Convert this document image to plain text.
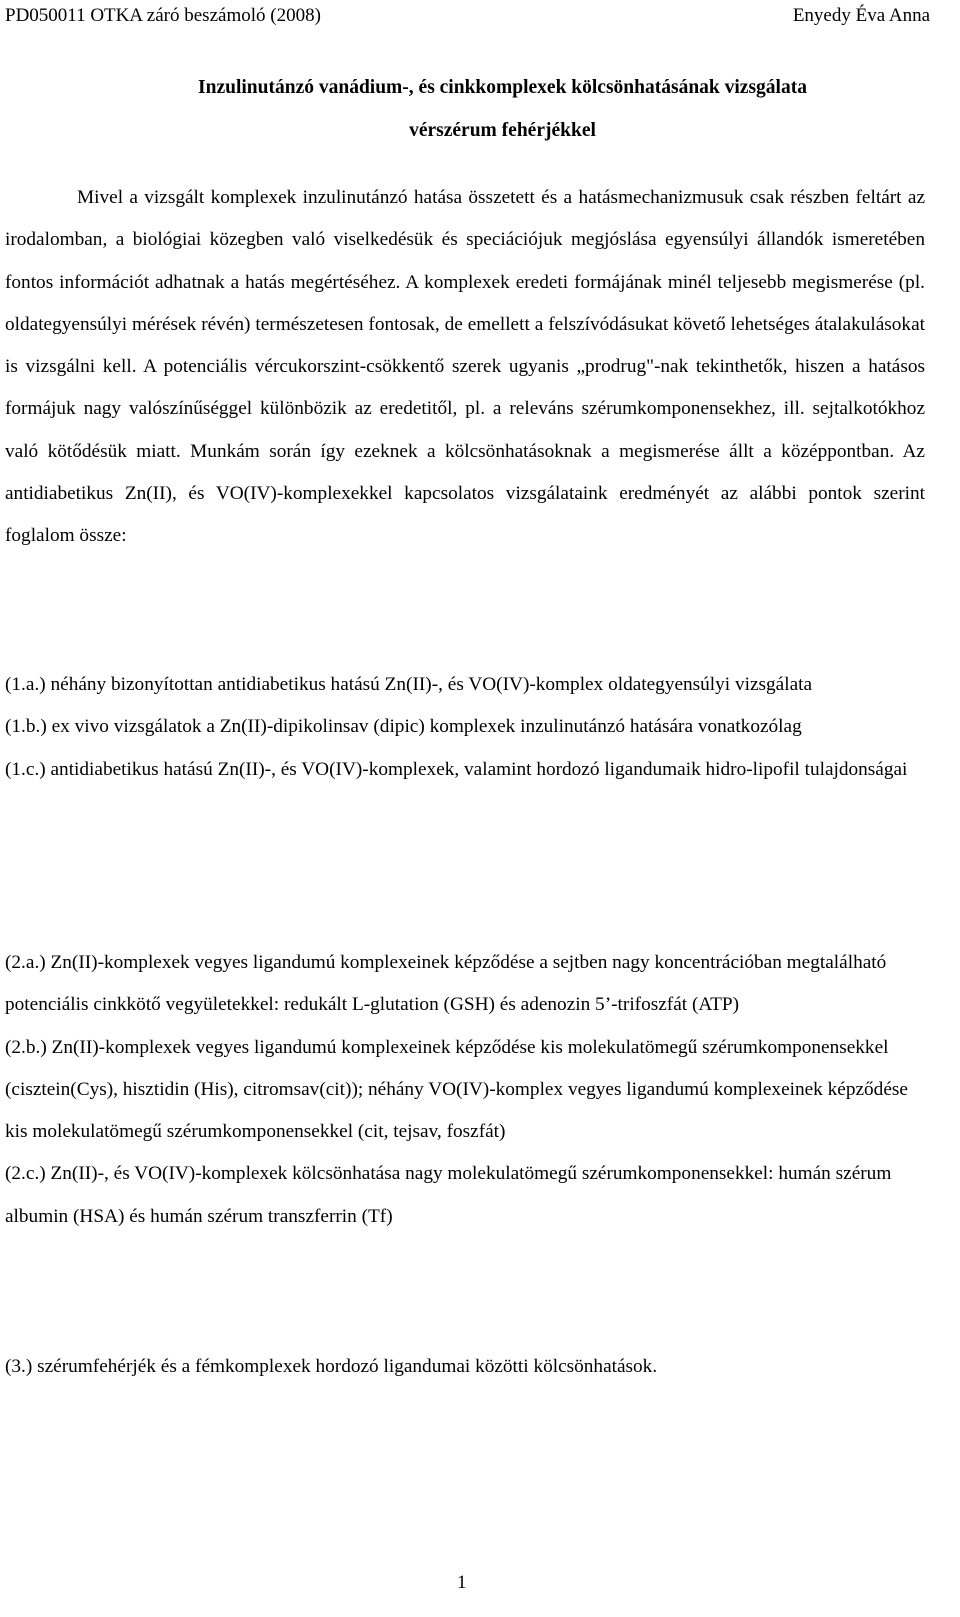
PD050011 OTKA záró beszámoló (2008)	Enyedy Éva Anna
Inzulinutánzó vanádium-, és cinkkomplexek kölcsönhatásának vizsgálata
vérszérum fehérjékkel

Mivel a vizsgált komplexek inzulinutánzó hatása összetett és a hatásmechanizmusuk csak részben feltárt az irodalomban, a biológiai közegben való viselkedésük és speciációjuk megjóslása egyensúlyi állandók ismeretében fontos információt adhatnak a hatás megértéséhez. A komplexek eredeti formájának minél teljesebb megismerése (pl. oldategyensúlyi mérések révén) természetesen fontosak, de emellett a felszívódásukat követő lehetséges átalakulásokat is vizsgálni kell. A potenciális vércukorszint-csökkentő szerek ugyanis „prodrug"-nak tekinthetők, hiszen a hatásos formájuk nagy valószínűséggel különbözik az eredetitől, pl. a releváns szérumkomponensekhez, ill. sejtalkotókhoz való kötődésük miatt. Munkám során így ezeknek a kölcsönhatásoknak a megismerése állt a középpontban. Az antidiabetikus Zn(II), és VO(IV)-komplexekkel kapcsolatos vizsgálataink eredményét az alábbi pontok szerint foglalom össze:

(1.a.) néhány bizonyítottan antidiabetikus hatású Zn(II)-, és VO(IV)-komplex oldategyensúlyi vizsgálata

(1.b.) ex vivo vizsgálatok a Zn(II)-dipikolinsav (dipic) komplexek inzulinutánzó hatására vonatkozólag

(1.c.) antidiabetikus hatású Zn(II)-, és VO(IV)-komplexek, valamint hordozó ligandumaik hidro-lipofil tulajdonságai

(2.a.) Zn(II)-komplexek vegyes ligandumú komplexeinek képződése a sejtben nagy koncentrációban megtalálható potenciális cinkkötő vegyületekkel: redukált L-glutation (GSH) és adenozin 5’-trifoszfát (ATP)

(2.b.) Zn(II)-komplexek vegyes ligandumú komplexeinek képződése kis molekulatömegű szérumkomponensekkel (cisztein(Cys), hisztidin (His), citromsav(cit)); néhány VO(IV)-komplex vegyes ligandumú komplexeinek képződése kis molekulatömegű szérumkomponensekkel (cit, tejsav, foszfát)

(2.c.) Zn(II)-, és VO(IV)-komplexek kölcsönhatása nagy molekulatömegű szérumkomponensekkel: humán szérum albumin (HSA) és humán szérum transzferrin (Tf)

(3.) szérumfehérjék és a fémkomplexek hordozó ligandumai közötti kölcsönhatások.

1
